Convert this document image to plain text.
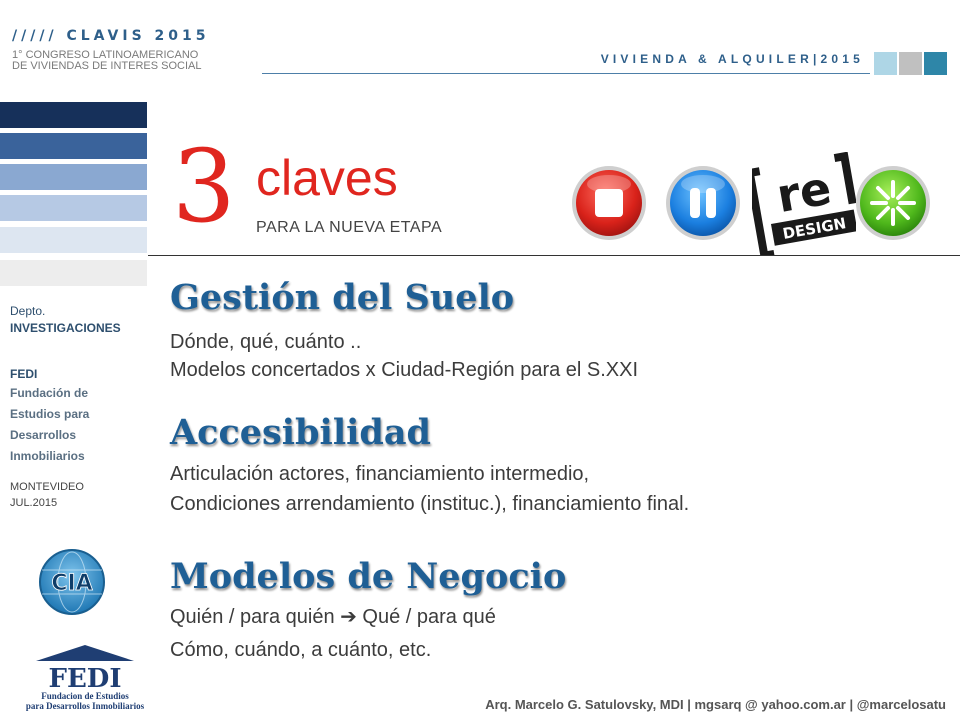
///// CLAVIS 2015
1° CONGRESO LATINOAMERICANO
DE VIVIENDAS DE INTERES SOCIAL	VIVIENDA & ALQUILER|2015
Depto.
INVESTIGACIONES
FEDI
Fundación de Estudios para Desarrollos Inmobiliarios
MONTEVIDEO
JUL.2015
CIA
FEDI
Fundacion de Estudios
para Desarrollos Inmobiliarios
3 claves
PARA LA NUEVA ETAPA
re
DESIGN
Gestión del Suelo
Dónde, qué, cuánto ..
Modelos concertados x Ciudad-Región para el S.XXI
Accesibilidad
Articulación actores, financiamiento intermedio,
Condiciones arrendamiento (instituc.), financiamiento final.
Modelos de Negocio
Quién / para quién ➔ Qué / para qué
Cómo, cuándo, a cuánto, etc.
Arq. Marcelo G. Satulovsky, MDI | mgsarq @ yahoo.com.ar | @marcelosatu
